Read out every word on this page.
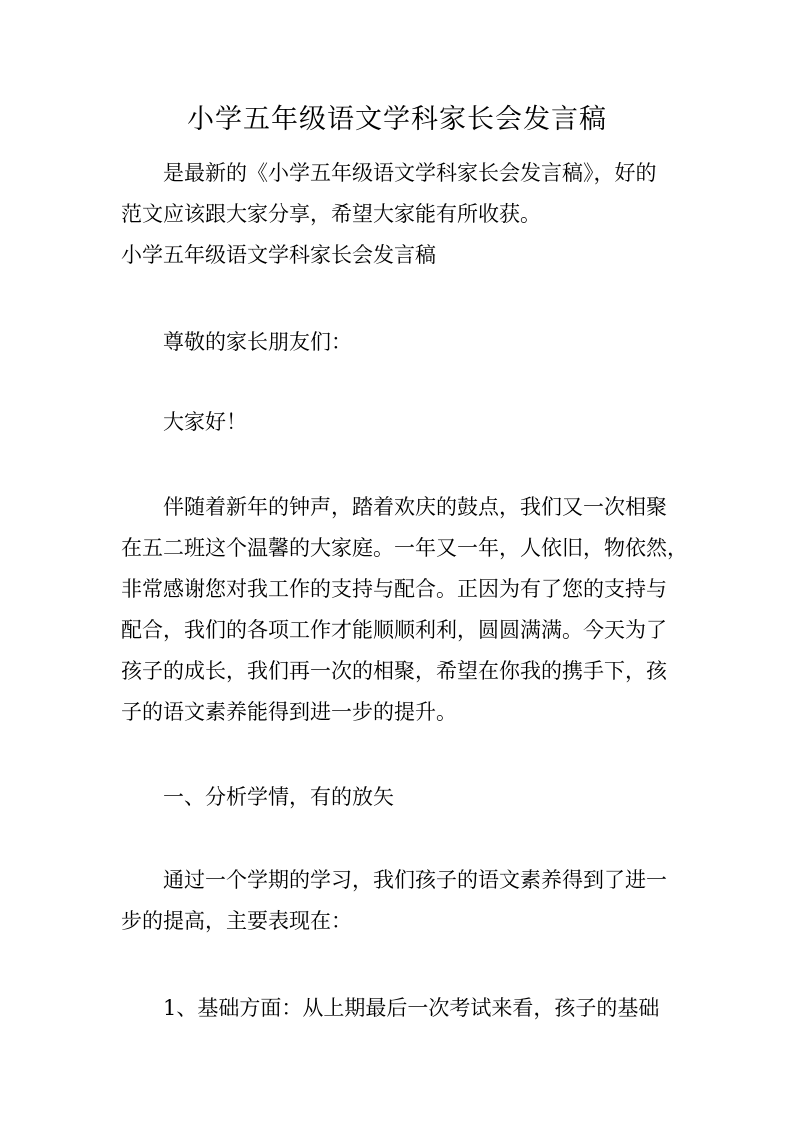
小学五年级语文学科家长会发言稿
是最新的《小学五年级语文学科家长会发言稿》，好的
范文应该跟大家分享，希望大家能有所收获。
小学五年级语文学科家长会发言稿
尊敬的家长朋友们：
大家好！
伴随着新年的钟声，踏着欢庆的鼓点，我们又一次相聚
在五二班这个温馨的大家庭。一年又一年，人依旧，物依然，
非常感谢您对我工作的支持与配合。正因为有了您的支持与
配合，我们的各项工作才能顺顺利利，圆圆满满。今天为了
孩子的成长，我们再一次的相聚，希望在你我的携手下，孩
子的语文素养能得到进一步的提升。
一、分析学情，有的放矢
通过一个学期的学习，我们孩子的语文素养得到了进一
步的提高，主要表现在：
1、基础方面：从上期最后一次考试来看，孩子的基础
